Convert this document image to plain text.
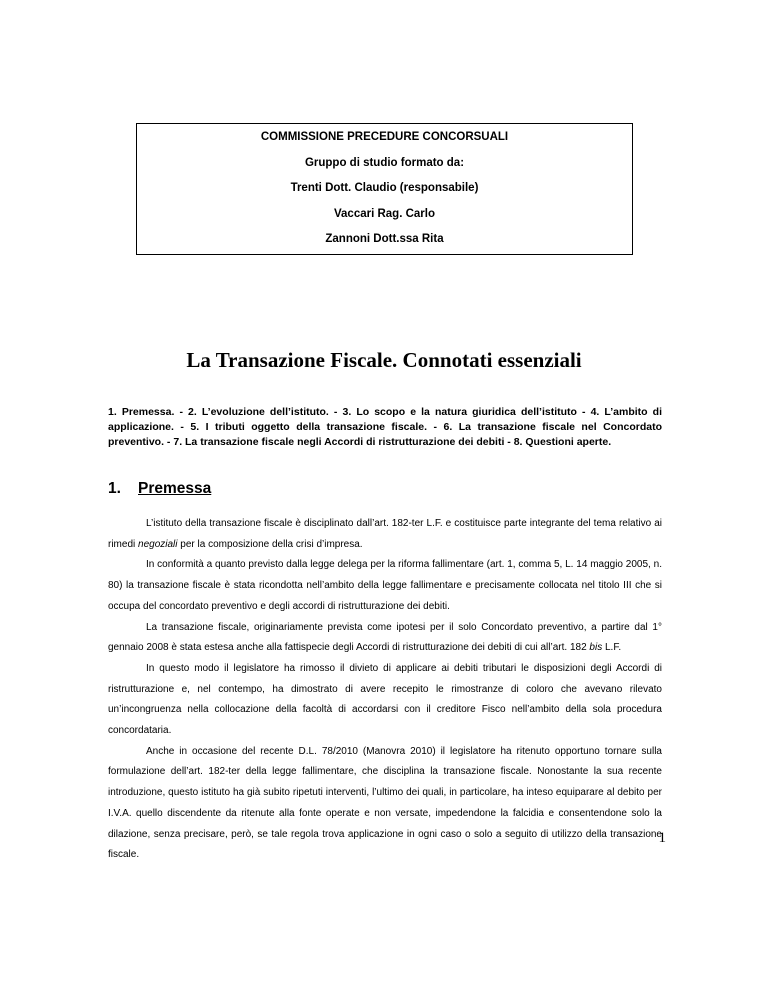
COMMISSIONE PRECEDURE CONCORSUALI
Gruppo di studio formato da:
Trenti Dott. Claudio (responsabile)
Vaccari Rag. Carlo
Zannoni Dott.ssa Rita
La Transazione Fiscale. Connotati essenziali
1. Premessa. - 2. L’evoluzione dell’istituto. - 3. Lo scopo e la natura giuridica dell’istituto - 4. L’ambito di applicazione. - 5. I tributi oggetto della transazione fiscale. - 6. La transazione fiscale nel Concordato preventivo. - 7. La transazione fiscale negli Accordi di ristrutturazione dei debiti - 8. Questioni aperte.
1. Premessa

L’istituto della transazione fiscale è disciplinato dall’art. 182-ter L.F. e costituisce parte integrante del tema relativo ai rimedi negoziali per la composizione della crisi d’impresa.

In conformità a quanto previsto dalla legge delega per la riforma fallimentare (art. 1, comma 5, L. 14 maggio 2005, n. 80) la transazione fiscale è stata ricondotta nell’ambito della legge fallimentare e precisamente collocata nel titolo III che si occupa del concordato preventivo e degli accordi di ristrutturazione dei debiti.

La transazione fiscale, originariamente prevista come ipotesi per il solo Concordato preventivo, a partire dal 1° gennaio 2008 è stata estesa anche alla fattispecie degli Accordi di ristrutturazione dei debiti di cui all’art. 182 bis L.F.

In questo modo il legislatore ha rimosso il divieto di applicare ai debiti tributari le disposizioni degli Accordi di ristrutturazione e, nel contempo, ha dimostrato di avere recepito le rimostranze di coloro che avevano rilevato un’incongruenza nella collocazione della facoltà di accordarsi con il creditore Fisco nell’ambito della sola procedura concordataria.

Anche in occasione del recente D.L. 78/2010 (Manovra 2010) il legislatore ha ritenuto opportuno tornare sulla formulazione dell’art. 182-ter della legge fallimentare, che disciplina la transazione fiscale. Nonostante la sua recente introduzione, questo istituto ha già subito ripetuti interventi, l’ultimo dei quali, in particolare, ha inteso equiparare al debito per I.V.A. quello discendente da ritenute alla fonte operate e non versate, impedendone la falcidia e consentendone solo la dilazione, senza precisare, però, se tale regola trova applicazione in ogni caso o solo a seguito di utilizzo della transazione fiscale.

1
